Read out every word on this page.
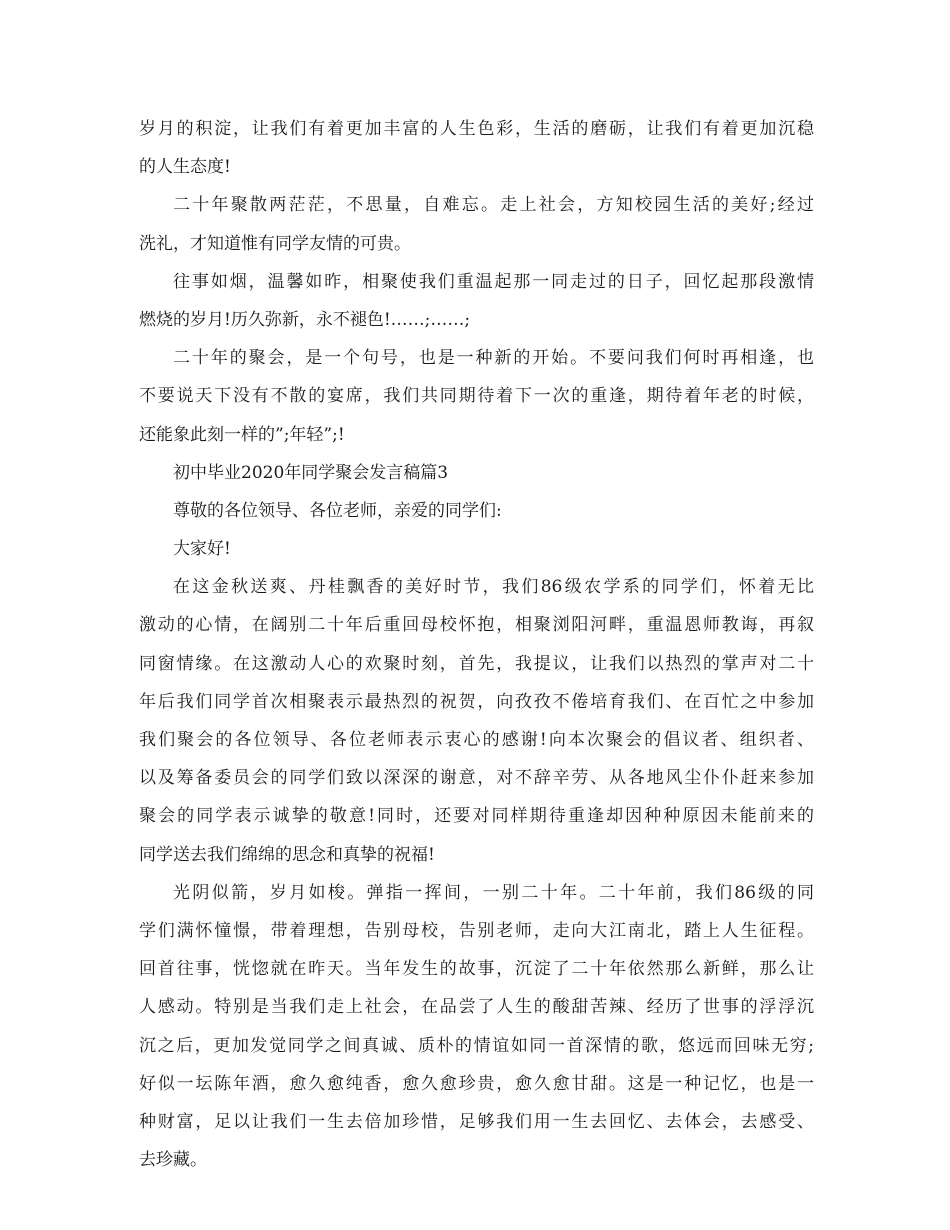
岁月的积淀，让我们有着更加丰富的人生色彩，生活的磨砺，让我们有着更加沉稳
的人生态度!
二十年聚散两茫茫，不思量，自难忘。走上社会，方知校园生活的美好;经过
洗礼，才知道惟有同学友情的可贵。
往事如烟，温馨如昨，相聚使我们重温起那一同走过的日子，回忆起那段激情
燃烧的岁月!历久弥新，永不褪色!……;……;
二十年的聚会，是一个句号，也是一种新的开始。不要问我们何时再相逢，也
不要说天下没有不散的宴席，我们共同期待着下一次的重逢，期待着年老的时候，
还能象此刻一样的”;年轻”;!
初中毕业2020年同学聚会发言稿篇3
尊敬的各位领导、各位老师，亲爱的同学们:
大家好!
在这金秋送爽、丹桂飘香的美好时节，我们86级农学系的同学们，怀着无比
激动的心情，在阔别二十年后重回母校怀抱，相聚浏阳河畔，重温恩师教诲，再叙
同窗情缘。在这激动人心的欢聚时刻，首先，我提议，让我们以热烈的掌声对二十
年后我们同学首次相聚表示最热烈的祝贺，向孜孜不倦培育我们、在百忙之中参加
我们聚会的各位领导、各位老师表示衷心的感谢!向本次聚会的倡议者、组织者、
以及筹备委员会的同学们致以深深的谢意，对不辞辛劳、从各地风尘仆仆赶来参加
聚会的同学表示诚挚的敬意!同时，还要对同样期待重逢却因种种原因未能前来的
同学送去我们绵绵的思念和真挚的祝福!
光阴似箭，岁月如梭。弹指一挥间，一别二十年。二十年前，我们86级的同
学们满怀憧憬，带着理想，告别母校，告别老师，走向大江南北，踏上人生征程。
回首往事，恍惚就在昨天。当年发生的故事，沉淀了二十年依然那么新鲜，那么让
人感动。特别是当我们走上社会，在品尝了人生的酸甜苦辣、经历了世事的浮浮沉
沉之后，更加发觉同学之间真诚、质朴的情谊如同一首深情的歌，悠远而回味无穷;
好似一坛陈年酒，愈久愈纯香，愈久愈珍贵，愈久愈甘甜。这是一种记忆，也是一
种财富，足以让我们一生去倍加珍惜，足够我们用一生去回忆、去体会，去感受、
去珍藏。
